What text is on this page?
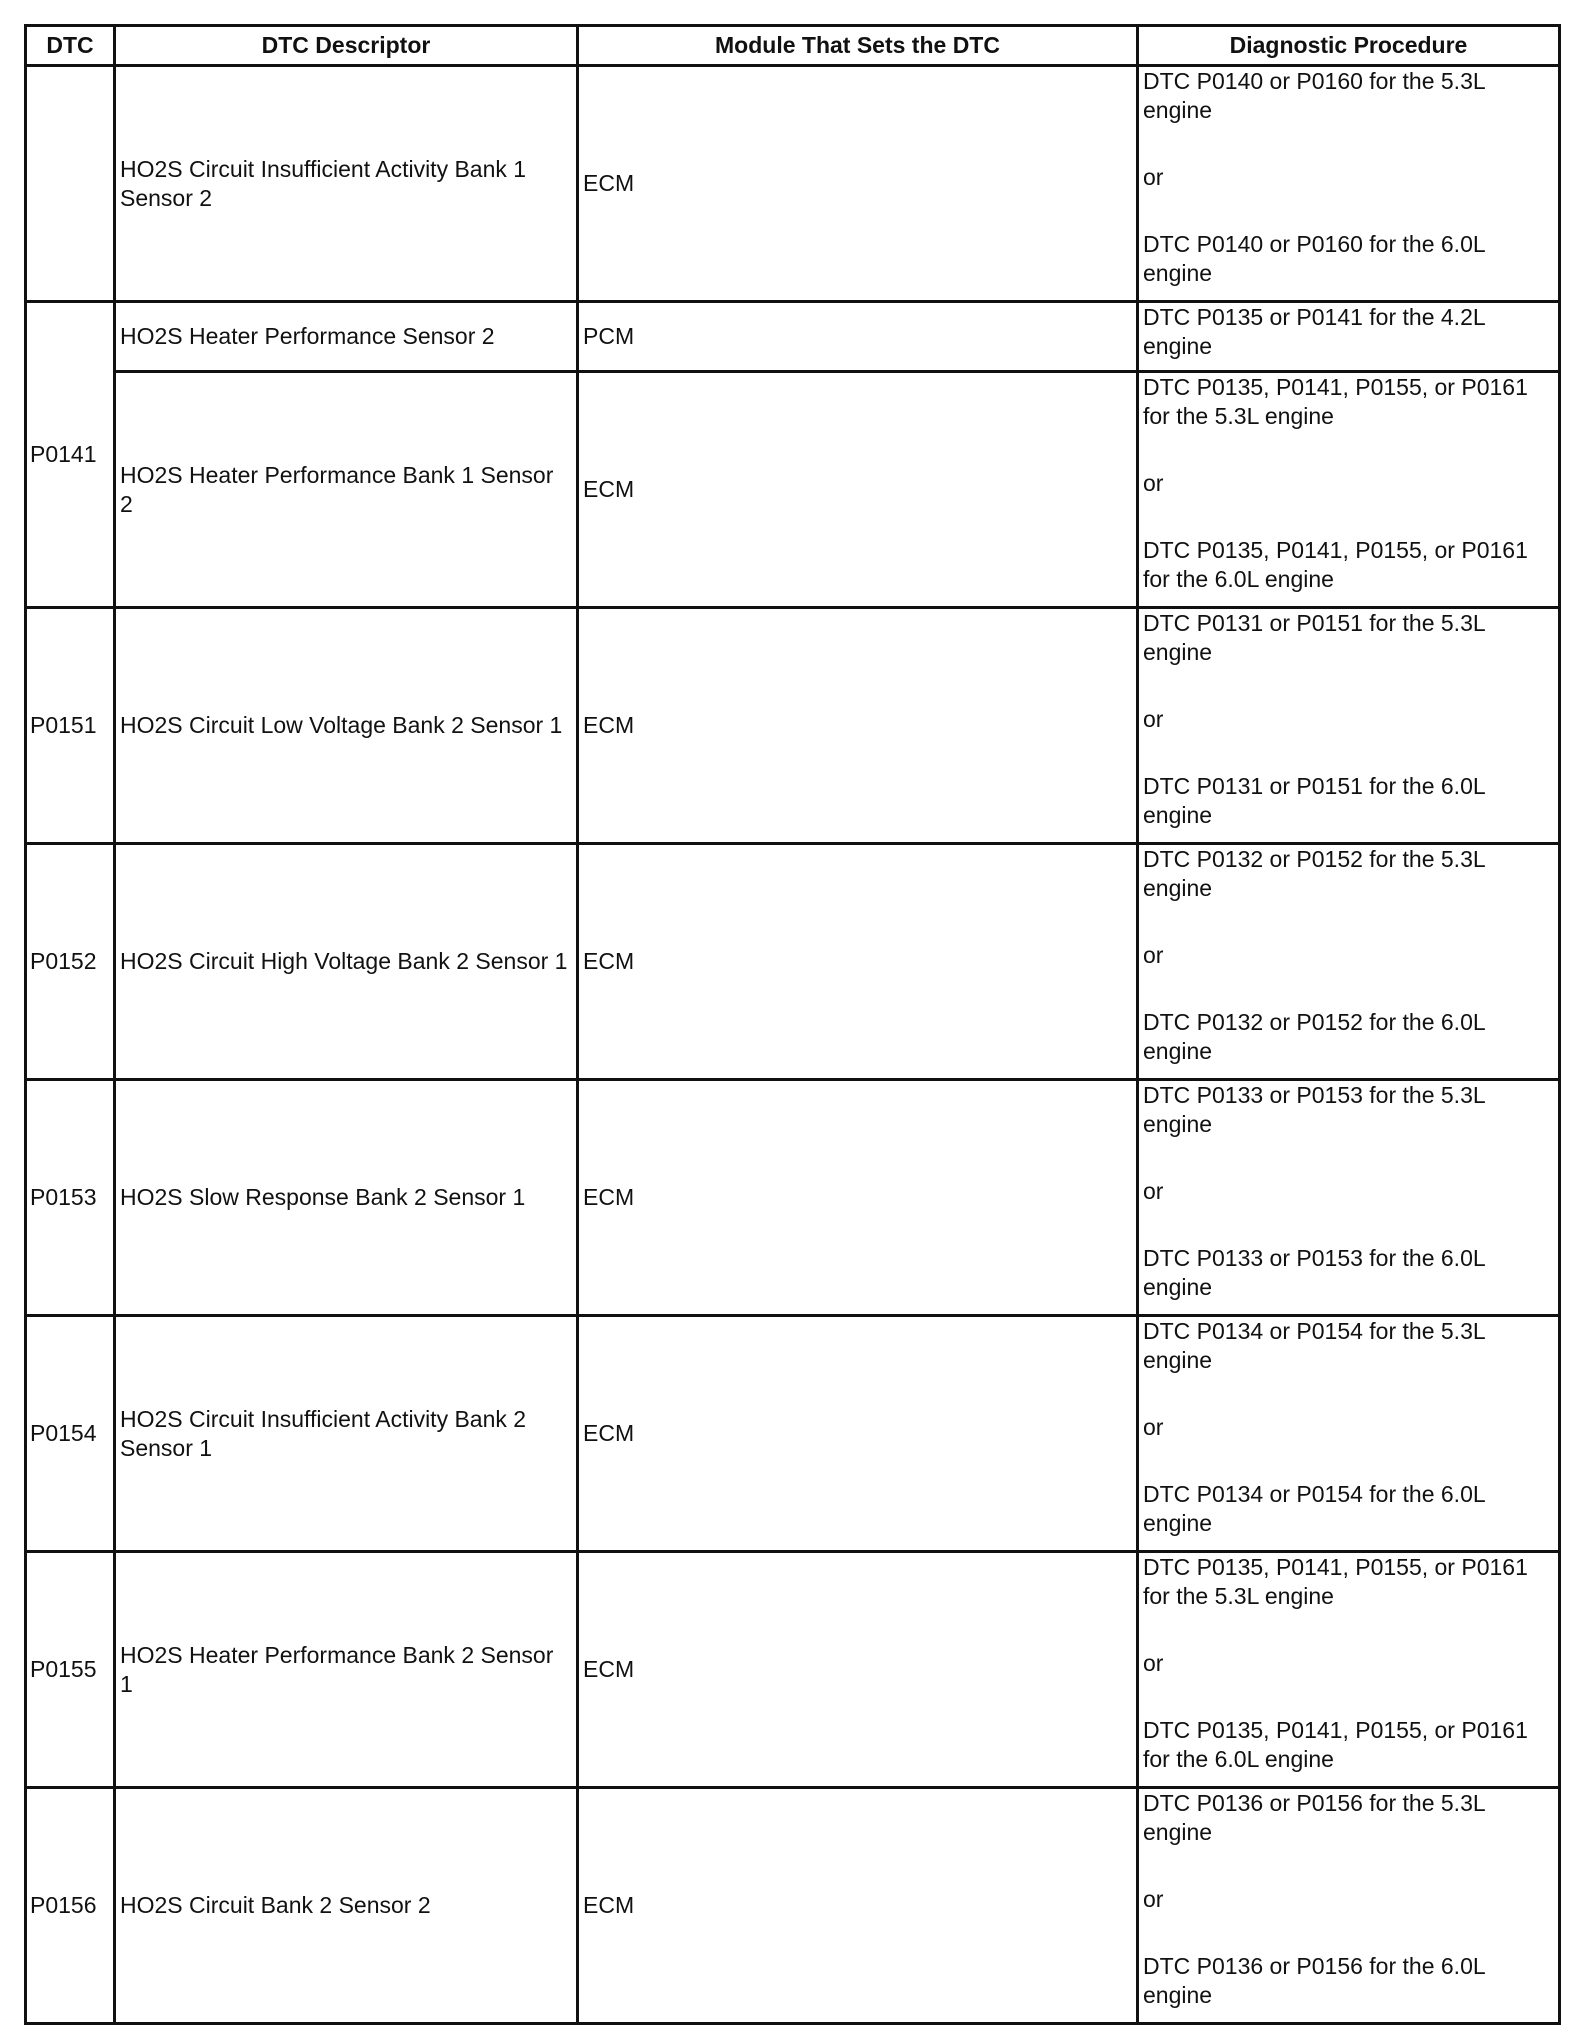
DTC	DTC Descriptor	Module That Sets the DTC	Diagnostic Procedure
	HO2S Circuit Insufficient Activity Bank 1 Sensor 2	ECM	DTC P0140 or P0160 for the 5.3L engine
or
DTC P0140 or P0160 for the 6.0L engine

P0141	HO2S Heater Performance Sensor 2	PCM	DTC P0135 or P0141 for the 4.2L engine

	HO2S Heater Performance Bank 1 Sensor 2	ECM	DTC P0135, P0141, P0155, or P0161 for the 5.3L engine
or
DTC P0135, P0141, P0155, or P0161 for the 6.0L engine

P0151	HO2S Circuit Low Voltage Bank 2 Sensor 1	ECM	DTC P0131 or P0151 for the 5.3L engine
or
DTC P0131 or P0151 for the 6.0L engine

P0152	HO2S Circuit High Voltage Bank 2 Sensor 1	ECM	DTC P0132 or P0152 for the 5.3L engine
or
DTC P0132 or P0152 for the 6.0L engine

P0153	HO2S Slow Response Bank 2 Sensor 1	ECM	DTC P0133 or P0153 for the 5.3L engine
or
DTC P0133 or P0153 for the 6.0L engine

P0154	HO2S Circuit Insufficient Activity Bank 2 Sensor 1	ECM	DTC P0134 or P0154 for the 5.3L engine
or
DTC P0134 or P0154 for the 6.0L engine

P0155	HO2S Heater Performance Bank 2 Sensor 1	ECM	DTC P0135, P0141, P0155, or P0161 for the 5.3L engine
or
DTC P0135, P0141, P0155, or P0161 for the 6.0L engine

P0156	HO2S Circuit Bank 2 Sensor 2	ECM	DTC P0136 or P0156 for the 5.3L engine
or
DTC P0136 or P0156 for the 6.0L engine
